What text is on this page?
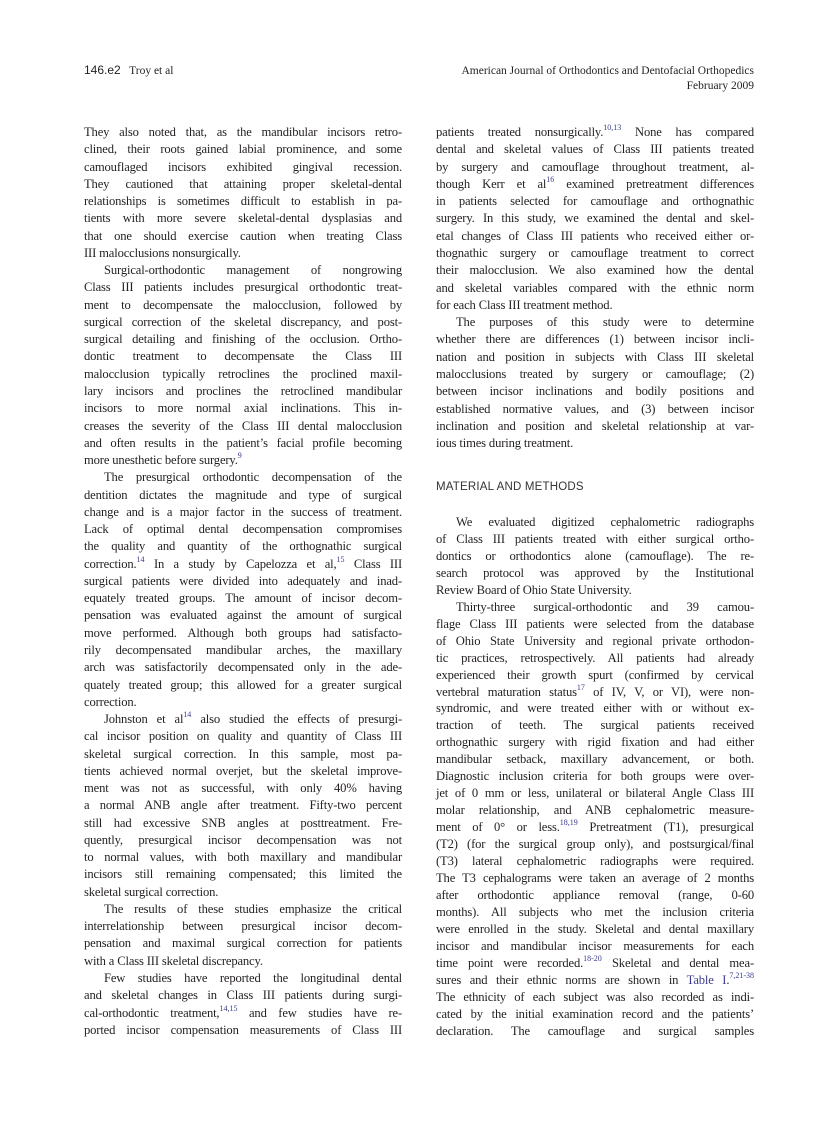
146.e2 Troy et al	American Journal of Orthodontics and Dentofacial Orthopedics
February 2009
They also noted that, as the mandibular incisors retro-
clined, their roots gained labial prominence, and some
camouflaged incisors exhibited gingival recession.
They cautioned that attaining proper skeletal-dental
relationships is sometimes difficult to establish in pa-
tients with more severe skeletal-dental dysplasias and
that one should exercise caution when treating Class
III malocclusions nonsurgically.
Surgical-orthodontic management of nongrowing
Class III patients includes presurgical orthodontic treat-
ment to decompensate the malocclusion, followed by
surgical correction of the skeletal discrepancy, and post-
surgical detailing and finishing of the occlusion. Ortho-
dontic treatment to decompensate the Class III
malocclusion typically retroclines the proclined maxil-
lary incisors and proclines the retroclined mandibular
incisors to more normal axial inclinations. This in-
creases the severity of the Class III dental malocclusion
and often results in the patient’s facial profile becoming
more unesthetic before surgery.$^9$
The presurgical orthodontic decompensation of the
dentition dictates the magnitude and type of surgical
change and is a major factor in the success of treatment.
Lack of optimal dental decompensation compromises
the quality and quantity of the orthognathic surgical
correction.$^{14}$ In a study by Capelozza et al,$^{15}$ Class III
surgical patients were divided into adequately and inad-
equately treated groups. The amount of incisor decom-
pensation was evaluated against the amount of surgical
move performed. Although both groups had satisfacto-
rily decompensated mandibular arches, the maxillary
arch was satisfactorily decompensated only in the ade-
quately treated group; this allowed for a greater surgical
correction.
Johnston et $al^{14}$ also studied the effects of presurgi-
cal incisor position on quality and quantity of Class III
skeletal surgical correction. In this sample, most pa-
tients achieved normal overjet, but the skeletal improve-
ment was not as successful, with only 40% having
a normal ANB angle after treatment. Fifty-two percent
still had excessive SNB angles at posttreatment. Fre-
quently, presurgical incisor decompensation was not
to normal values, with both maxillary and mandibular
incisors still remaining compensated; this limited the
skeletal surgical correction.
The results of these studies emphasize the critical
interrelationship between presurgical incisor decom-
pensation and maximal surgical correction for patients
with a Class III skeletal discrepancy.
Few studies have reported the longitudinal dental
and skeletal changes in Class III patients during surgi-
cal-orthodontic treatment,$^{14,15}$ and few studies have re-
ported incisor compensation measurements of Class III
patients treated nonsurgically.$^{10,13}$ None has compared
dental and skeletal values of Class III patients treated
by surgery and camouflage throughout treatment, al-
though Kerr et $al^{16}$ examined pretreatment differences
in patients selected for camouflage and orthognathic
surgery. In this study, we examined the dental and skel-
etal changes of Class III patients who received either or-
thognathic surgery or camouflage treatment to correct
their malocclusion. We also examined how the dental
and skeletal variables compared with the ethnic norm
for each Class III treatment method.
The purposes of this study were to determine
whether there are differences (1) between incisor incli-
nation and position in subjects with Class III skeletal
malocclusions treated by surgery or camouflage; (2)
between incisor inclinations and bodily positions and
established normative values, and (3) between incisor
inclination and position and skeletal relationship at var-
ious times during treatment.
MATERIAL AND METHODS
We evaluated digitized cephalometric radiographs
of Class III patients treated with either surgical ortho-
dontics or orthodontics alone (camouflage). The re-
search protocol was approved by the Institutional
Review Board of Ohio State University.
Thirty-three surgical-orthodontic and 39 camou-
flage Class III patients were selected from the database
of Ohio State University and regional private orthodon-
tic practices, retrospectively. All patients had already
experienced their growth spurt (confirmed by cervical
vertebral maturation status$^{17}$ of IV, V, or VI), were non-
syndromic, and were treated either with or without ex-
traction of teeth. The surgical patients received
orthognathic surgery with rigid fixation and had either
mandibular setback, maxillary advancement, or both.
Diagnostic inclusion criteria for both groups were over-
jet of 0 mm or less, unilateral or bilateral Angle Class III
molar relationship, and ANB cephalometric measure-
ment of 0° or less.$^{18,19}$ Pretreatment (T1), presurgical
(T2) (for the surgical group only), and postsurgical/final
(T3) lateral cephalometric radiographs were required.
The T3 cephalograms were taken an average of 2 months
after orthodontic appliance removal (range, 0-60
months). All subjects who met the inclusion criteria
were enrolled in the study. Skeletal and dental maxillary
incisor and mandibular incisor measurements for each
time point were recorded.$^{18-20}$ Skeletal and dental mea-
sures and their ethnic norms are shown in Table I.$^{7,21-38}$
The ethnicity of each subject was also recorded as indi-
cated by the initial examination record and the patients’
declaration. The camouflage and surgical samples
